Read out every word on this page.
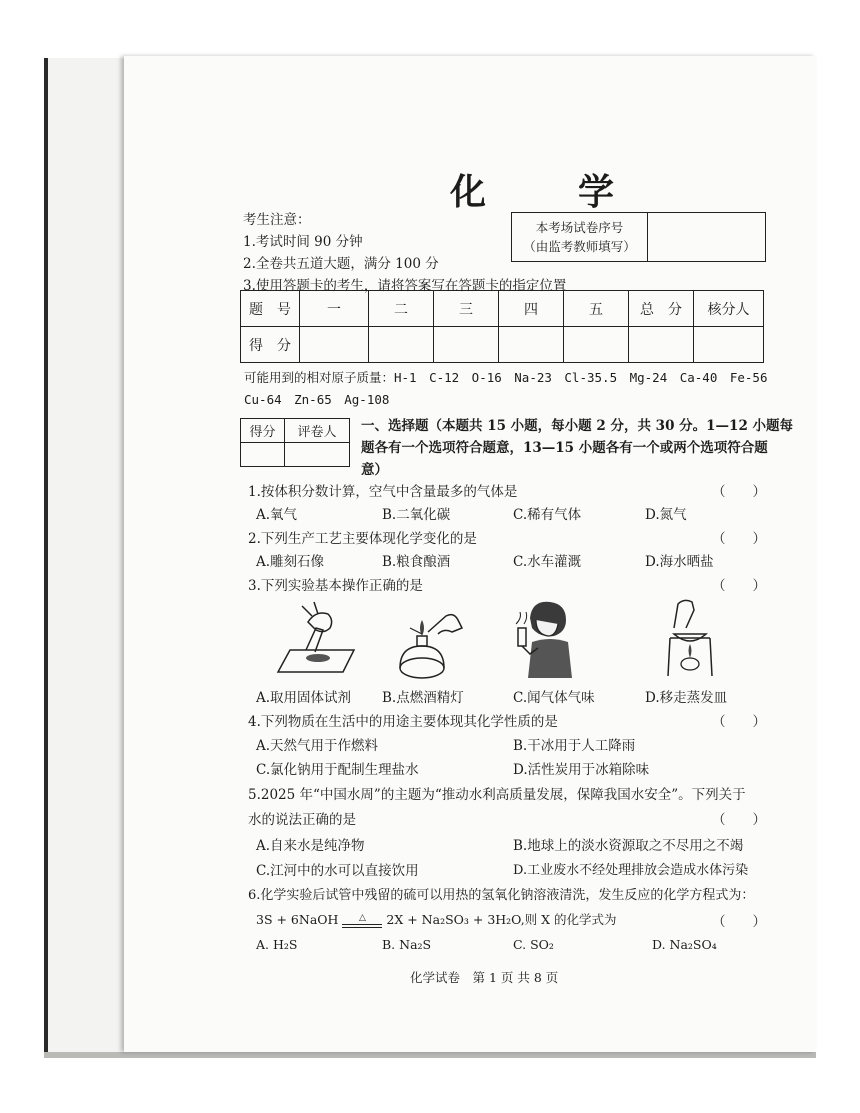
化　学
考生注意：
1.考试时间 90 分钟
2.全卷共五道大题，满分 100 分
3.使用答题卡的考生，请将答案写在答题卡的指定位置
本考场试卷序号
（由监考教师填写）

题　号	一	二	三	四	五	总　分	核分人
得　分							
可能用到的相对原子质量：H-1　C-12　O-16　Na-23　Cl-35.5　Mg-24　Ca-40　Fe-56
Cu-64　Zn-65　Ag-108
得分	评卷人
	一、选择题（本题共 15 小题，每小题 2 分，共 30 分。1—12 小题每
题各有一个选项符合题意，13—15 小题各有一个或两个选项符合题
意）
1.按体积分数计算，空气中含量最多的气体是	（　　）
A.氧气	B.二氧化碳	C.稀有气体	D.氮气
2.下列生产工艺主要体现化学变化的是	（　　）
A.雕刻石像	B.粮食酿酒	C.水车灌溉	D.海水晒盐
3.下列实验基本操作正确的是	（　　）
A.取用固体试剂 B.点燃酒精灯	C.闻气体气味	D.移走蒸发皿
4.下列物质在生活中的用途主要体现其化学性质的是	（　　）
A.天然气用于作燃料	B.干冰用于人工降雨
C.氯化钠用于配制生理盐水	D.活性炭用于冰箱除味
5.2025 年“中国水周”的主题为“推动水利高质量发展，保障我国水安全”。下列关于
水的说法正确的是	（　　）
A.自来水是纯净物	B.地球上的淡水资源取之不尽用之不竭
C.江河中的水可以直接饮用	D.工业废水不经处理排放会造成水体污染
6.化学实验后试管中残留的硫可以用热的氢氧化钠溶液清洗，发生反应的化学方程式为：
3S + 6NaOH △ 2X + Na₂SO₃ + 3H₂O,则 X 的化学式为	（　　）
A. H₂S	B. Na₂S	C. SO₂	D. Na₂SO₄
化学试卷　第 1 页 共 8 页
